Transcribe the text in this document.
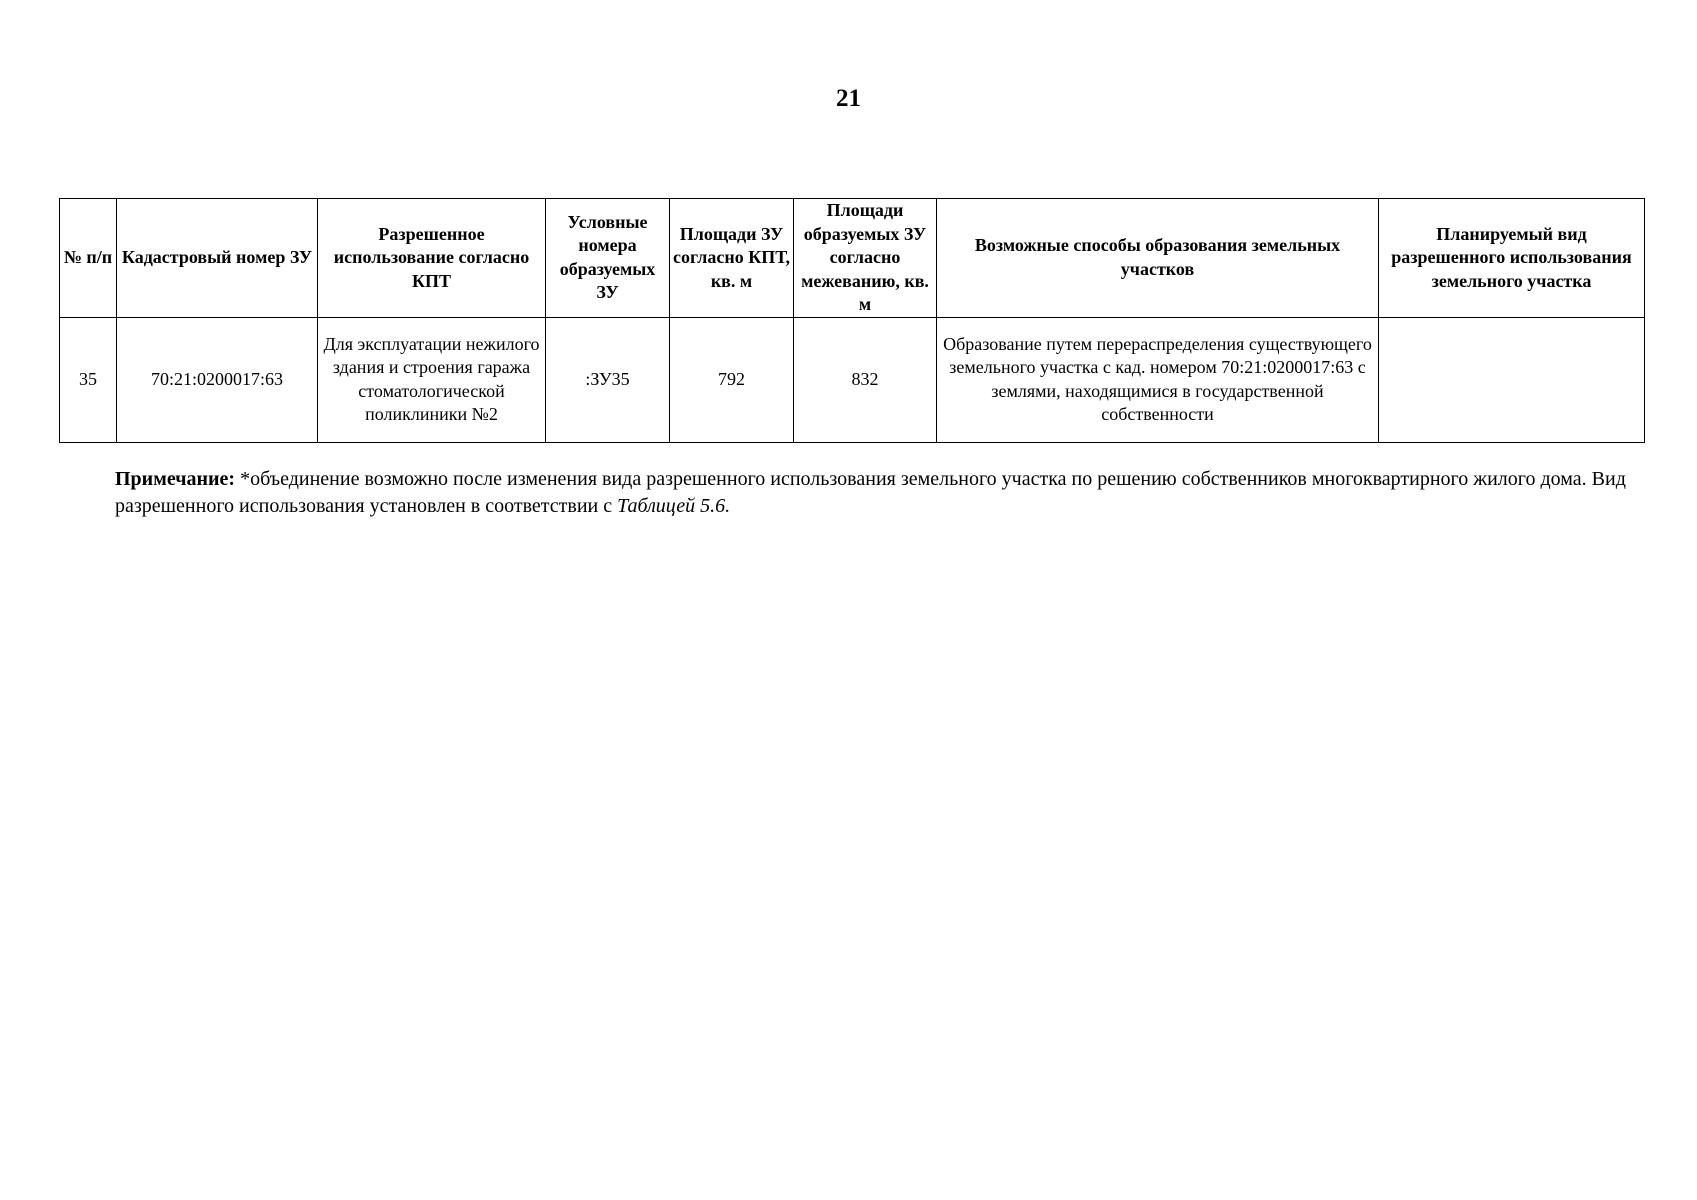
21
№ п/п	Кадастровый номер ЗУ	Разрешенное использование согласно КПТ	Условные номера образуемых ЗУ	Площади ЗУ согласно КПТ, кв. м	Площади образуемых ЗУ согласно межеванию, кв. м	Возможные способы образования земельных участков	Планируемый вид разрешенного использования земельного участка
35	70:21:0200017:63	Для эксплуатации нежилого здания и строения гаража стоматологической поликлиники №2	:ЗУ35	792	832	Образование путем перераспределения существующего земельного участка с кад. номером 70:21:0200017:63 с землями, находящимися в государственной собственности	
Примечание: *объединение возможно после изменения вида разрешенного использования земельного участка по решению собственников многоквартирного жилого дома. Вид разрешенного использования установлен в соответствии с Таблицей 5.6.
